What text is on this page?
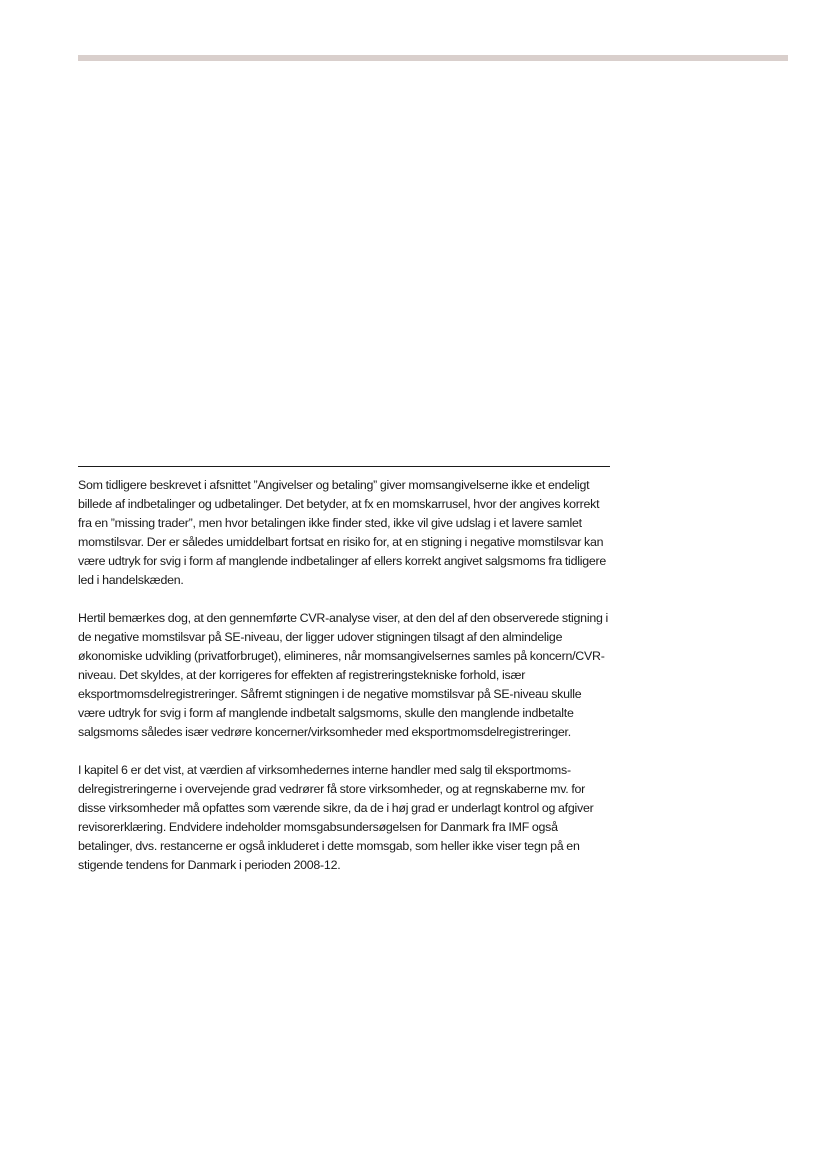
Som tidligere beskrevet i afsnittet ”Angivelser og betaling” giver momsangivelserne ikke et endeligt billede af indbetalinger og udbetalinger. Det betyder, at fx en momskarrusel, hvor der angives korrekt fra en ”missing trader”, men hvor betalingen ikke finder sted, ikke vil give udslag i et lavere samlet momstilsvar. Der er således umiddelbart fortsat en risiko for, at en stigning i negative momstilsvar kan være udtryk for svig i form af manglende indbetalinger af ellers korrekt angivet salgsmoms fra tidligere led i handelskæden.

Hertil bemærkes dog, at den gennemførte CVR-analyse viser, at den del af den observerede stigning i de negative momstilsvar på SE-niveau, der ligger udover stigningen tilsagt af den almindelige økonomiske udvikling (privatforbruget), elimineres, når momsangivelsernes samles på koncern/CVR-niveau. Det skyldes, at der korrigeres for effekten af registreringstekniske forhold, især eksportmomsdelregistreringer. Såfremt stigningen i de negative momstilsvar på SE-niveau skulle være udtryk for svig i form af manglende indbetalt salgsmoms, skulle den manglende indbetalte salgsmoms således især vedrøre koncerner/virksomheder med eksportmomsdelregistreringer.

I kapitel 6 er det vist, at værdien af virksomhedernes interne handler med salg til eksportmoms-delregistreringerne i overvejende grad vedrører få store virksomheder, og at regnskaberne mv. for disse virksomheder må opfattes som værende sikre, da de i høj grad er underlagt kontrol og afgiver revisorerklæring. Endvidere indeholder momsgabsundersøgelsen for Danmark fra IMF også betalinger, dvs. restancerne er også inkluderet i dette momsgab, som heller ikke viser tegn på en stigende tendens for Danmark i perioden 2008-12.
